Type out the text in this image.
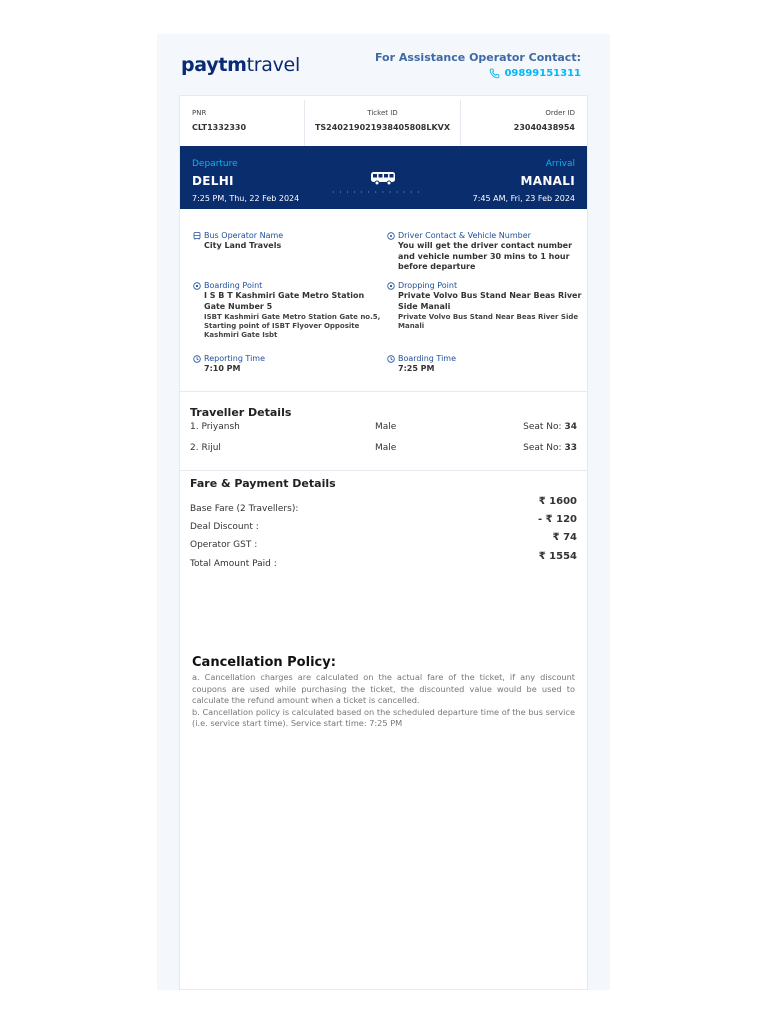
paytmtravel	For Assistance Operator Contact:
09899151311
PNR
CLT1332330
Ticket ID
TS240219021938405808LKVX
Order ID
23040438954
Departure
DELHI
7:25 PM, Thu, 22 Feb 2024
· · · · · · · · · · · · ·
Arrival
MANALI
7:45 AM, Fri, 23 Feb 2024
Bus Operator Name
City Land Travels
Driver Contact & Vehicle Number
You will get the driver contact number and vehicle number 30 mins to 1 hour before departure
Boarding Point
I S B T Kashmiri Gate Metro Station Gate Number 5
ISBT Kashmiri Gate Metro Station Gate no.5, Starting point of ISBT Flyover Opposite Kashmiri Gate Isbt
Dropping Point
Private Volvo Bus Stand Near Beas River Side Manali
Private Volvo Bus Stand Near Beas River Side Manali
Reporting Time
7:10 PM
Boarding Time
7:25 PM
Traveller Details
1. Priyansh	Male	Seat No: 34
2. Rijul	Male	Seat No: 33
Fare & Payment Details
Base Fare (2 Travellers):
₹ 1600
Deal Discount :
- ₹ 120
Operator GST :
₹ 74
Total Amount Paid :
₹ 1554
Cancellation Policy:
a. Cancellation charges are calculated on the actual fare of the ticket, if any discount coupons are used while purchasing the ticket, the discounted value would be used to calculate the refund amount when a ticket is cancelled.
b. Cancellation policy is calculated based on the scheduled departure time of the bus service (i.e. service start time). Service start time: 7:25 PM
